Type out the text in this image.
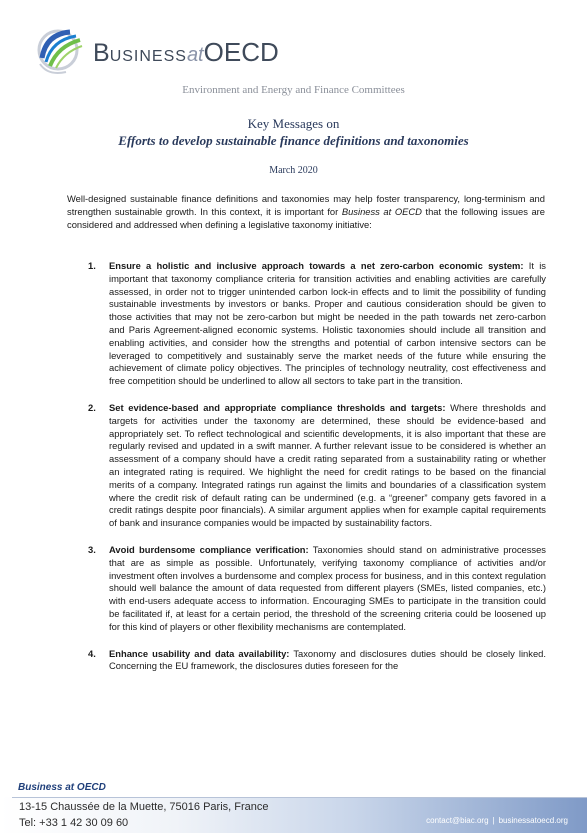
BUSINESSatOECD
Environment and Energy and Finance Committees
Key Messages on
Efforts to develop sustainable finance definitions and taxonomies
March 2020
Well-designed sustainable finance definitions and taxonomies may help foster transparency, long-terminism and strengthen sustainable growth. In this context, it is important for Business at OECD that the following issues are considered and addressed when defining a legislative taxonomy initiative:
1. Ensure a holistic and inclusive approach towards a net zero-carbon economic system: It is important that taxonomy compliance criteria for transition activities and enabling activities are carefully assessed, in order not to trigger unintended carbon lock-in effects and to limit the possibility of funding sustainable investments by investors or banks. Proper and cautious consideration should be given to those activities that may not be zero-carbon but might be needed in the path towards net zero-carbon and Paris Agreement-aligned economic systems. Holistic taxonomies should include all transition and enabling activities, and consider how the strengths and potential of carbon intensive sectors can be leveraged to competitively and sustainably serve the market needs of the future while ensuring the achievement of climate policy objectives. The principles of technology neutrality, cost effectiveness and free competition should be underlined to allow all sectors to take part in the transition.
2. Set evidence-based and appropriate compliance thresholds and targets: Where thresholds and targets for activities under the taxonomy are determined, these should be evidence-based and appropriately set. To reflect technological and scientific developments, it is also important that these are regularly revised and updated in a swift manner. A further relevant issue to be considered is whether an assessment of a company should have a credit rating separated from a sustainability rating or whether an integrated rating is required. We highlight the need for credit ratings to be based on the financial merits of a company. Integrated ratings run against the limits and boundaries of a classification system where the credit risk of default rating can be undermined (e.g. a “greener” company gets favored in a credit ratings despite poor financials). A similar argument applies when for example capital requirements of bank and insurance companies would be impacted by sustainability factors.
3. Avoid burdensome compliance verification: Taxonomies should stand on administrative processes that are as simple as possible. Unfortunately, verifying taxonomy compliance of activities and/or investment often involves a burdensome and complex process for business, and in this context regulation should well balance the amount of data requested from different players (SMEs, listed companies, etc.) with end-users adequate access to information. Encouraging SMEs to participate in the transition could be facilitated if, at least for a certain period, the threshold of the screening criteria could be loosened up for this kind of players or other flexibility mechanisms are contemplated.
4. Enhance usability and data availability: Taxonomy and disclosures duties should be closely linked. Concerning the EU framework, the disclosures duties foreseen for the
Business at OECD
13-15 Chaussée de la Muette, 75016 Paris, France
Tel: +33 1 42 30 09 60	contact@biac.org | businessatoecd.org
